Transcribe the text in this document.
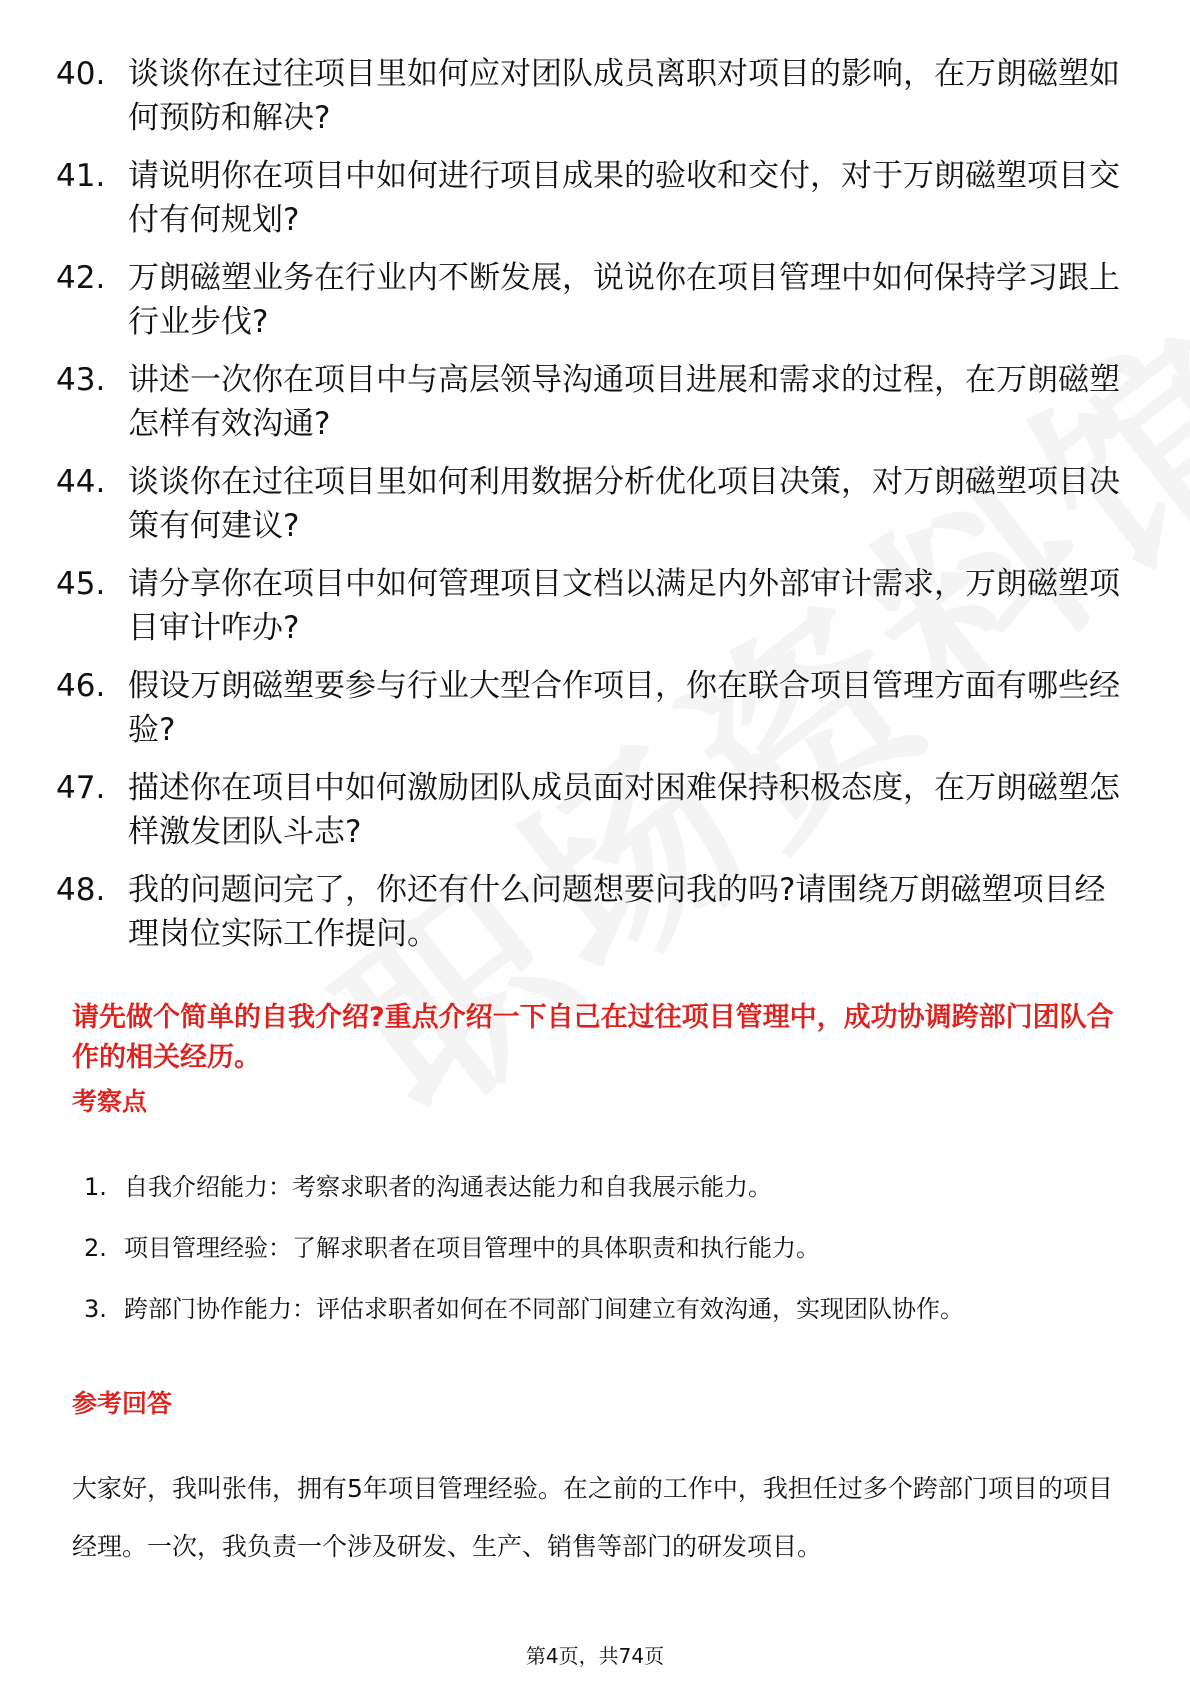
40. 谈谈你在过往项目里如何应对团队成员离职对项目的影响，在万朗磁塑如何预防和解决?
41. 请说明你在项目中如何进行项目成果的验收和交付，对于万朗磁塑项目交付有何规划?
42. 万朗磁塑业务在行业内不断发展，说说你在项目管理中如何保持学习跟上行业步伐?
43. 讲述一次你在项目中与高层领导沟通项目进展和需求的过程，在万朗磁塑怎样有效沟通?
44. 谈谈你在过往项目里如何利用数据分析优化项目决策，对万朗磁塑项目决策有何建议?
45. 请分享你在项目中如何管理项目文档以满足内外部审计需求，万朗磁塑项目审计咋办?
46. 假设万朗磁塑要参与行业大型合作项目，你在联合项目管理方面有哪些经验?
47. 描述你在项目中如何激励团队成员面对困难保持积极态度，在万朗磁塑怎样激发团队斗志?
48. 我的问题问完了，你还有什么问题想要问我的吗?请围绕万朗磁塑项目经理岗位实际工作提问。
请先做个简单的自我介绍?重点介绍一下自己在过往项目管理中，成功协调跨部门团队合作的相关经历。
考察点
1. 自我介绍能力：考察求职者的沟通表达能力和自我展示能力。
2. 项目管理经验：了解求职者在项目管理中的具体职责和执行能力。
3. 跨部门协作能力：评估求职者如何在不同部门间建立有效沟通，实现团队协作。
参考回答
大家好，我叫张伟，拥有5年项目管理经验。在之前的工作中，我担任过多个跨部门项目的项目经理。一次，我负责一个涉及研发、生产、销售等部门的研发项目。
第4页，共74页
